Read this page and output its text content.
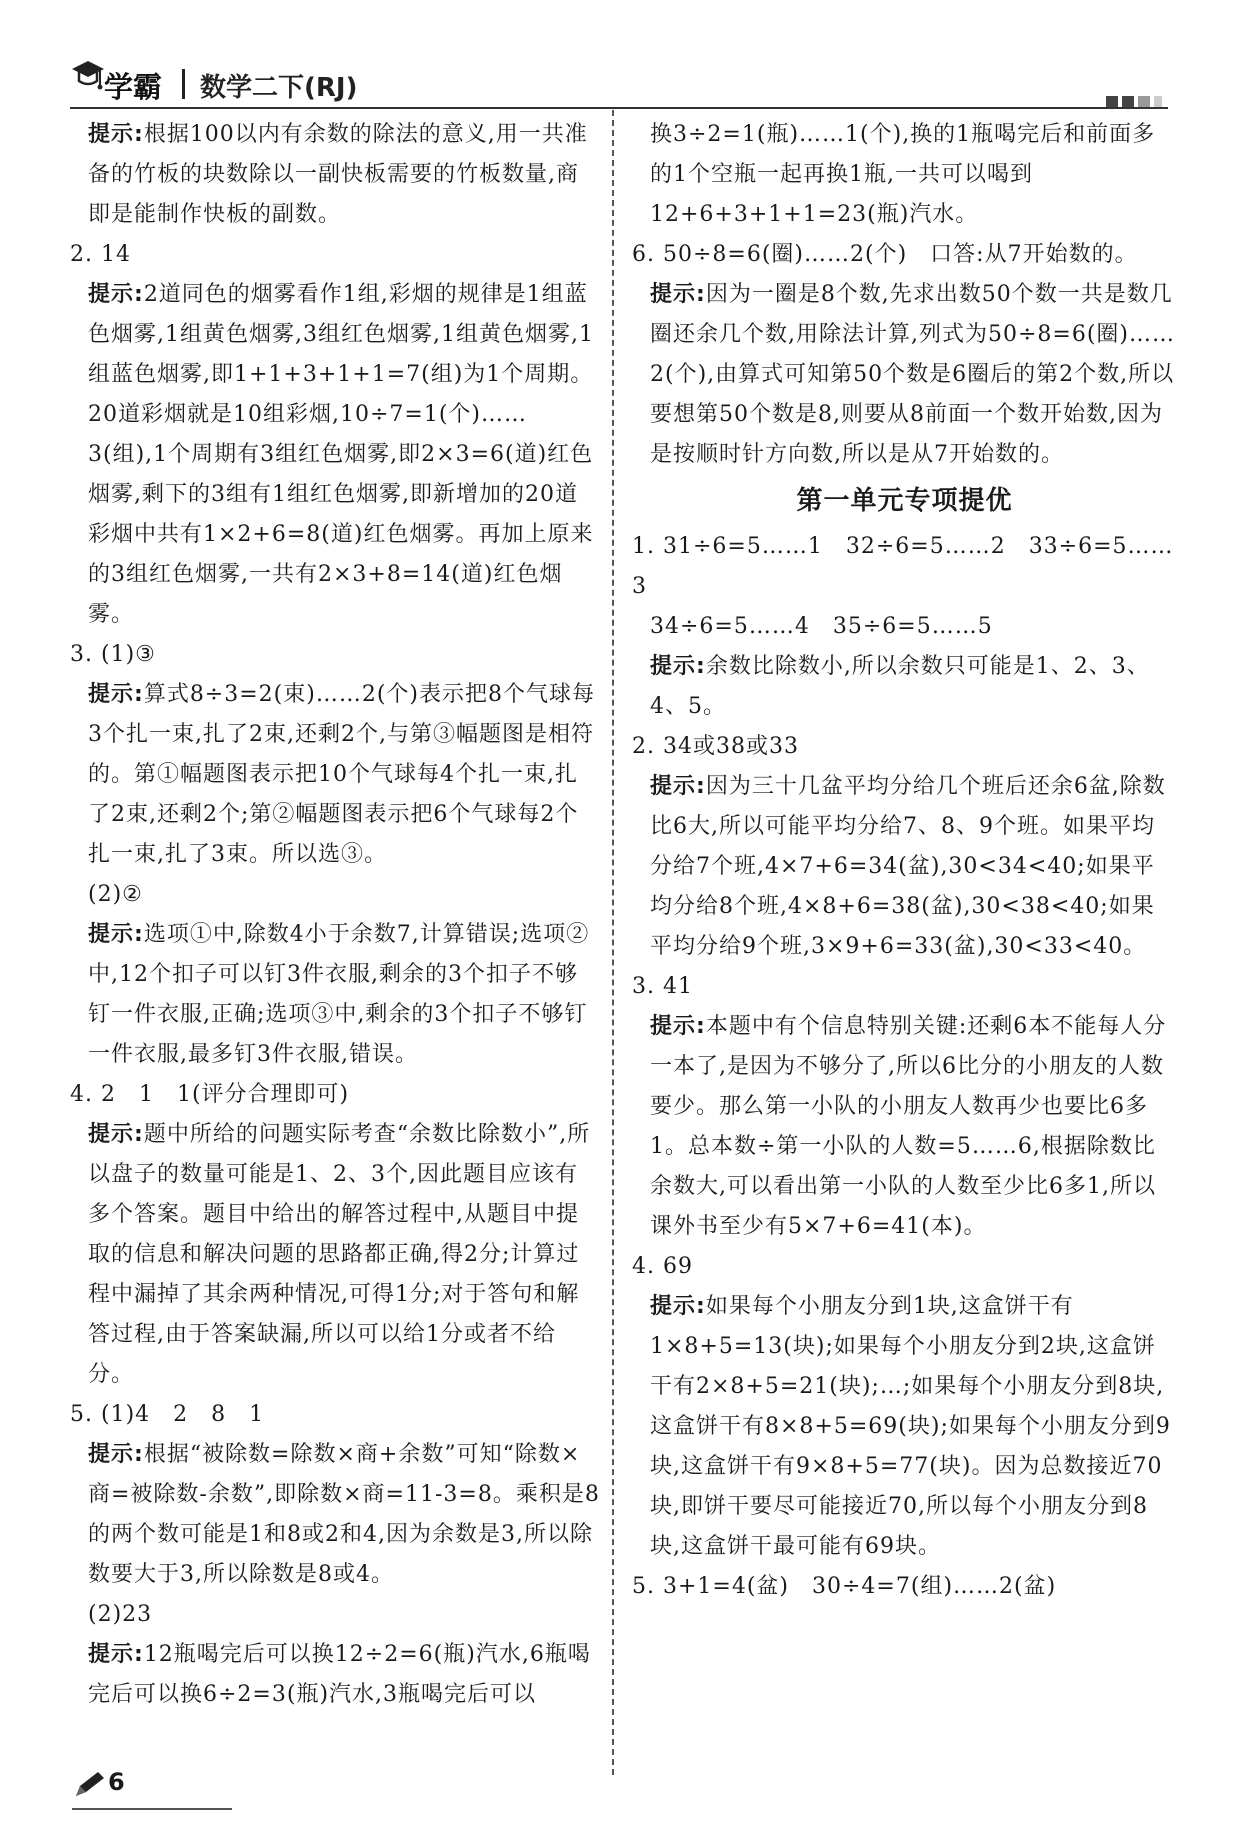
学霸 数学二下(RJ)

提示:根据100以内有余数的除法的意义,用一共准备的竹板的块数除以一副快板需要的竹板数量,商即是能制作快板的副数。

2. 14

提示:2道同色的烟雾看作1组,彩烟的规律是1组蓝色烟雾,1组黄色烟雾,3组红色烟雾,1组黄色烟雾,1组蓝色烟雾,即1+1+3+1+1=7(组)为1个周期。20道彩烟就是10组彩烟,10÷7=1(个)……3(组),1个周期有3组红色烟雾,即2×3=6(道)红色烟雾,剩下的3组有1组红色烟雾,即新增加的20道彩烟中共有1×2+6=8(道)红色烟雾。再加上原来的3组红色烟雾,一共有2×3+8=14(道)红色烟雾。

3. (1)③

提示:算式8÷3=2(束)……2(个)表示把8个气球每3个扎一束,扎了2束,还剩2个,与第③幅题图是相符的。第①幅题图表示把10个气球每4个扎一束,扎了2束,还剩2个;第②幅题图表示把6个气球每2个扎一束,扎了3束。所以选③。

(2)②

提示:选项①中,除数4小于余数7,计算错误;选项②中,12个扣子可以钉3件衣服,剩余的3个扣子不够钉一件衣服,正确;选项③中,剩余的3个扣子不够钉一件衣服,最多钉3件衣服,错误。

4. 2　1　1(评分合理即可)

提示:题中所给的问题实际考查“余数比除数小”,所以盘子的数量可能是1、2、3个,因此题目应该有多个答案。题目中给出的解答过程中,从题目中提取的信息和解决问题的思路都正确,得2分;计算过程中漏掉了其余两种情况,可得1分;对于答句和解答过程,由于答案缺漏,所以可以给1分或者不给分。

5. (1)4　2　8　1

提示:根据“被除数=除数×商+余数”可知“除数×商=被除数-余数”,即除数×商=11-3=8。乘积是8的两个数可能是1和8或2和4,因为余数是3,所以除数要大于3,所以除数是8或4。

(2)23

提示:12瓶喝完后可以换12÷2=6(瓶)汽水,6瓶喝完后可以换6÷2=3(瓶)汽水,3瓶喝完后可以

换3÷2=1(瓶)……1(个),换的1瓶喝完后和前面多的1个空瓶一起再换1瓶,一共可以喝到12+6+3+1+1=23(瓶)汽水。

6. 50÷8=6(圈)……2(个)　口答:从7开始数的。

提示:因为一圈是8个数,先求出数50个数一共是数几圈还余几个数,用除法计算,列式为50÷8=6(圈)……2(个),由算式可知第50个数是6圈后的第2个数,所以要想第50个数是8,则要从8前面一个数开始数,因为是按顺时针方向数,所以是从7开始数的。

第一单元专项提优

1. 31÷6=5……1　32÷6=5……2　33÷6=5……3

34÷6=5……4　35÷6=5……5

提示:余数比除数小,所以余数只可能是1、2、3、4、5。

2. 34或38或33

提示:因为三十几盆平均分给几个班后还余6盆,除数比6大,所以可能平均分给7、8、9个班。如果平均分给7个班,4×7+6=34(盆),30<34<40;如果平均分给8个班,4×8+6=38(盆),30<38<40;如果平均分给9个班,3×9+6=33(盆),30<33<40。

3. 41

提示:本题中有个信息特别关键:还剩6本不能每人分一本了,是因为不够分了,所以6比分的小朋友的人数要少。那么第一小队的小朋友人数再少也要比6多1。总本数÷第一小队的人数=5……6,根据除数比余数大,可以看出第一小队的人数至少比6多1,所以课外书至少有5×7+6=41(本)。

4. 69

提示:如果每个小朋友分到1块,这盒饼干有1×8+5=13(块);如果每个小朋友分到2块,这盒饼干有2×8+5=21(块);…;如果每个小朋友分到8块,这盒饼干有8×8+5=69(块);如果每个小朋友分到9块,这盒饼干有9×8+5=77(块)。因为总数接近70块,即饼干要尽可能接近70,所以每个小朋友分到8块,这盒饼干最可能有69块。

5. 3+1=4(盆)　30÷4=7(组)……2(盆)

6
